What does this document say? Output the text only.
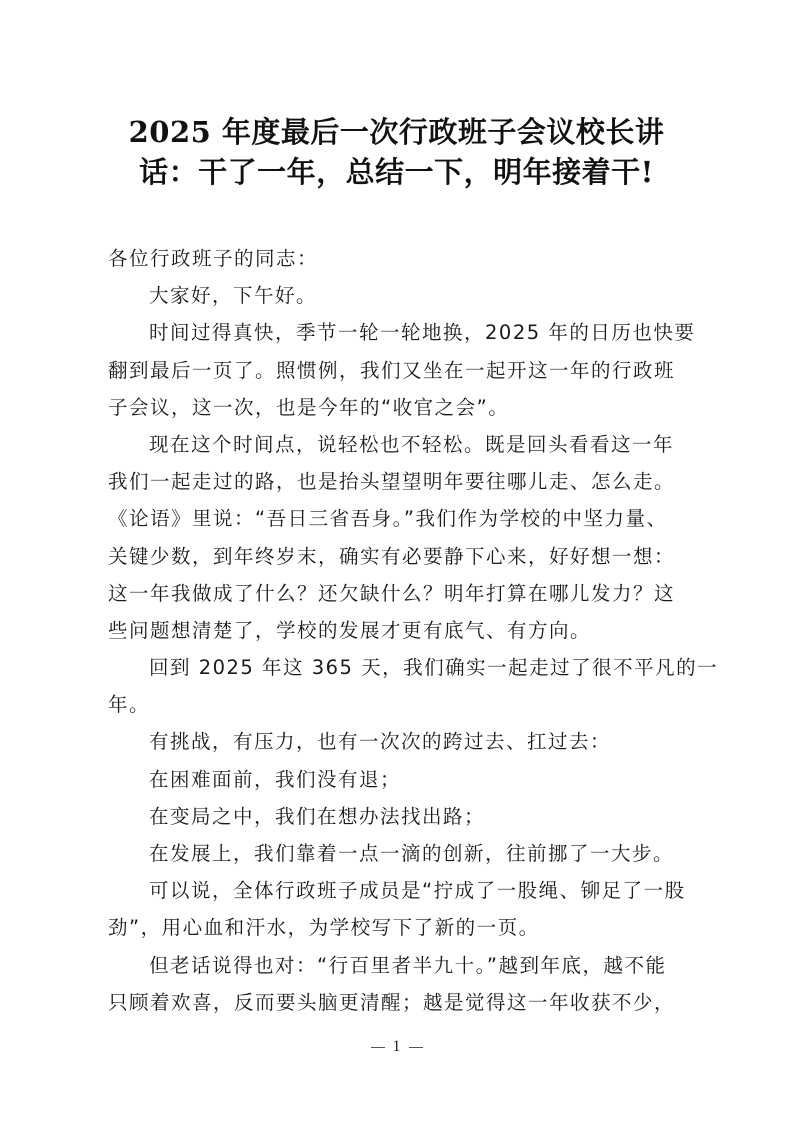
2025 年度最后一次行政班子会议校长讲
话：干了一年，总结一下，明年接着干!
各位行政班子的同志：
大家好，下午好。
时间过得真快，季节一轮一轮地换，2025 年的日历也快要
翻到最后一页了。照惯例，我们又坐在一起开这一年的行政班
子会议，这一次，也是今年的“收官之会”。
现在这个时间点，说轻松也不轻松。既是回头看看这一年
我们一起走过的路，也是抬头望望明年要往哪儿走、怎么走。
《论语》里说：“吾日三省吾身。”我们作为学校的中坚力量、
关键少数，到年终岁末，确实有必要静下心来，好好想一想：
这一年我做成了什么？还欠缺什么？明年打算在哪儿发力？这
些问题想清楚了，学校的发展才更有底气、有方向。
回到 2025 年这 365 天，我们确实一起走过了很不平凡的一
年。
有挑战，有压力，也有一次次的跨过去、扛过去：
在困难面前，我们没有退；
在变局之中，我们在想办法找出路；
在发展上，我们靠着一点一滴的创新，往前挪了一大步。
可以说，全体行政班子成员是“拧成了一股绳、铆足了一股
劲”，用心血和汗水，为学校写下了新的一页。
但老话说得也对：“行百里者半九十。”越到年底，越不能
只顾着欢喜，反而要头脑更清醒；越是觉得这一年收获不少，
1
